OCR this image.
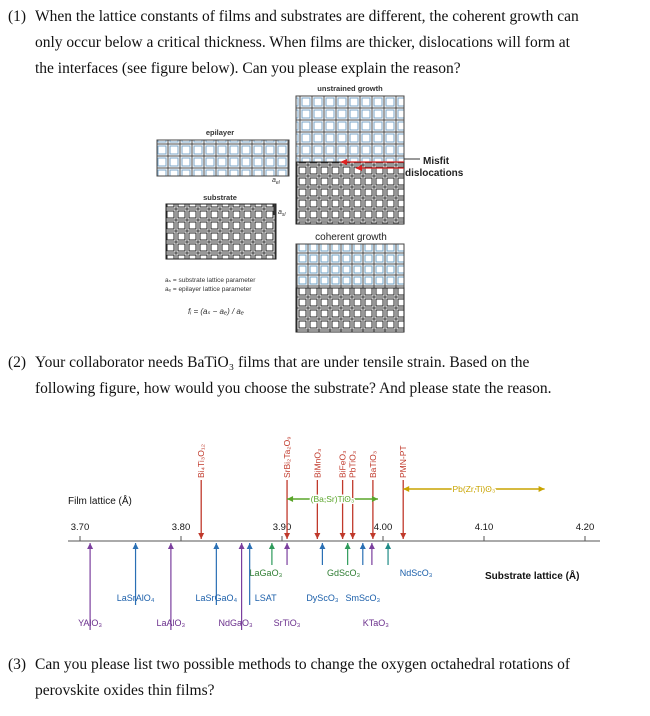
(1) When the lattice constants of films and substrates are different, the coherent growth can
only occur below a critical thickness. When films are thicker, dislocations will form at
the interfaces (see figure below). Can you please explain the reason?
epilayer
$a_{el}$
substrate
$a_{sl}$
aₛ = substrate lattice parameter
aₑ = epilayer lattice parameter
fᵢ = (aₛ − aₑ) / aₑ
unstrained growth
Misfit
dislocations
coherent growth
(2) Your collaborator needs BaTiO₃ films that are under tensile strain. Based on the
following figure, how would you choose the substrate? And please state the reason.
Film lattice (Å)
Substrate lattice (Å)
3.70	3.80	3.90	4.00	4.10	4.20
Bi₄Ti₃O₁₂	SrBi₂Ta₂O₉ BiMnO₃ BiFeO₃ PbTiO₃ BaTiO₃ PMN-PT
(Ba,Sr)TiO₃
Pb(Zr,Ti)O₃
YAlO₃
LaSrAlO₄
LaAlO₃
LaSrGaO₄ LSAT
NdGaO₃ SrTiO₃
LaGaO₃
DyScO₃
GdScO₃
SmScO₃
NdScO₃
KTaO₃
(3) Can you please list two possible methods to change the oxygen octahedral rotations of
perovskite oxides thin films?
